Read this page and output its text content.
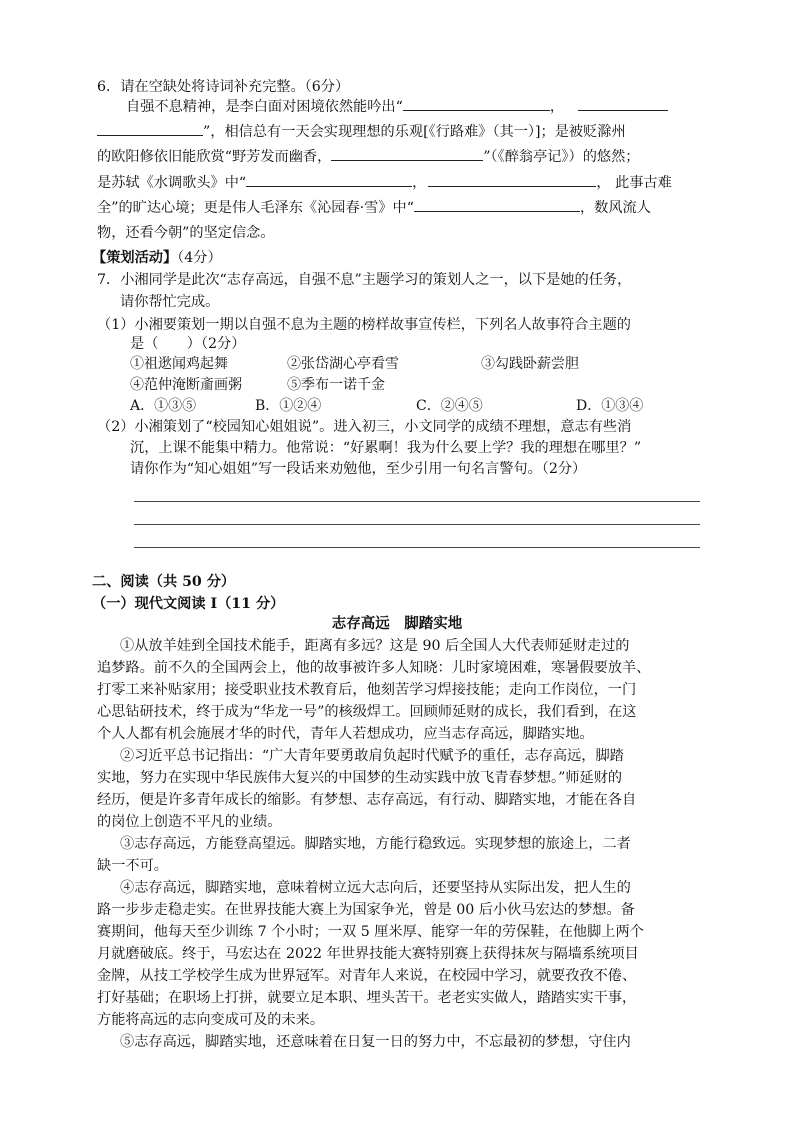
6．请在空缺处将诗词补充完整。（6分）
自强不息精神，是李白面对困境依然能吟出“	，
”，相信总有一天会实现理想的乐观[《行路难》（其一）]；是被贬滁州
的欧阳修依旧能欣赏“野芳发而幽香，	”（《醉翁亭记》）的悠然；
是苏轼《水调歌头》中“	，	， 此事古难
全”的旷达心境；更是伟人毛泽东《沁园春·雪》中“	，数风流人
物，还看今朝”的坚定信念。
【策划活动】（4分）
7．小湘同学是此次“志存高远，自强不息”主题学习的策划人之一，以下是她的任务，
请你帮忙完成。
（1）小湘要策划一期以自强不息为主题的榜样故事宣传栏，下列名人故事符合主题的
是（　　）（2分）
①祖逖闻鸡起舞	②张岱湖心亭看雪	③勾践卧薪尝胆
④范仲淹断齑画粥	⑤季布一诺千金
A．①③⑤	B．①②④	C．②④⑤	D．①③④
（2）小湘策划了“校园知心姐姐说”。进入初三，小文同学的成绩不理想，意志有些消
沉，上课不能集中精力。他常说：“好累啊！我为什么要上学？我的理想在哪里？”
请你作为“知心姐姐”写一段话来劝勉他，至少引用一句名言警句。（2分）
二、阅读（共 50 分）
（一）现代文阅读 I（11 分）
志存高远　脚踏实地
①从放羊娃到全国技术能手，距离有多远？这是 90 后全国人大代表师延财走过的
追梦路。前不久的全国两会上，他的故事被许多人知晓：儿时家境困难，寒暑假要放羊、
打零工来补贴家用；接受职业技术教育后，他刻苦学习焊接技能；走向工作岗位，一门
心思钻研技术，终于成为“华龙一号”的核级焊工。回顾师延财的成长，我们看到，在这
个人人都有机会施展才华的时代，青年人若想成功，应当志存高远，脚踏实地。
②习近平总书记指出：“广大青年要勇敢肩负起时代赋予的重任，志存高远，脚踏
实地，努力在实现中华民族伟大复兴的中国梦的生动实践中放飞青春梦想。”师延财的
经历，便是许多青年成长的缩影。有梦想、志存高远，有行动、脚踏实地，才能在各自
的岗位上创造不平凡的业绩。
③志存高远，方能登高望远。脚踏实地，方能行稳致远。实现梦想的旅途上，二者
缺一不可。
④志存高远，脚踏实地，意味着树立远大志向后，还要坚持从实际出发，把人生的
路一步步走稳走实。在世界技能大赛上为国家争光，曾是 00 后小伙马宏达的梦想。备
赛期间，他每天至少训练 7 个小时；一双 5 厘米厚、能穿一年的劳保鞋，在他脚上两个
月就磨破底。终于，马宏达在 2022 年世界技能大赛特别赛上获得抹灰与隔墙系统项目
金牌，从技工学校学生成为世界冠军。对青年人来说，在校园中学习，就要孜孜不倦、
打好基础；在职场上打拼，就要立足本职、埋头苦干。老老实实做人，踏踏实实干事，
方能将高远的志向变成可及的未来。
⑤志存高远，脚踏实地，还意味着在日复一日的努力中，不忘最初的梦想，守住内
